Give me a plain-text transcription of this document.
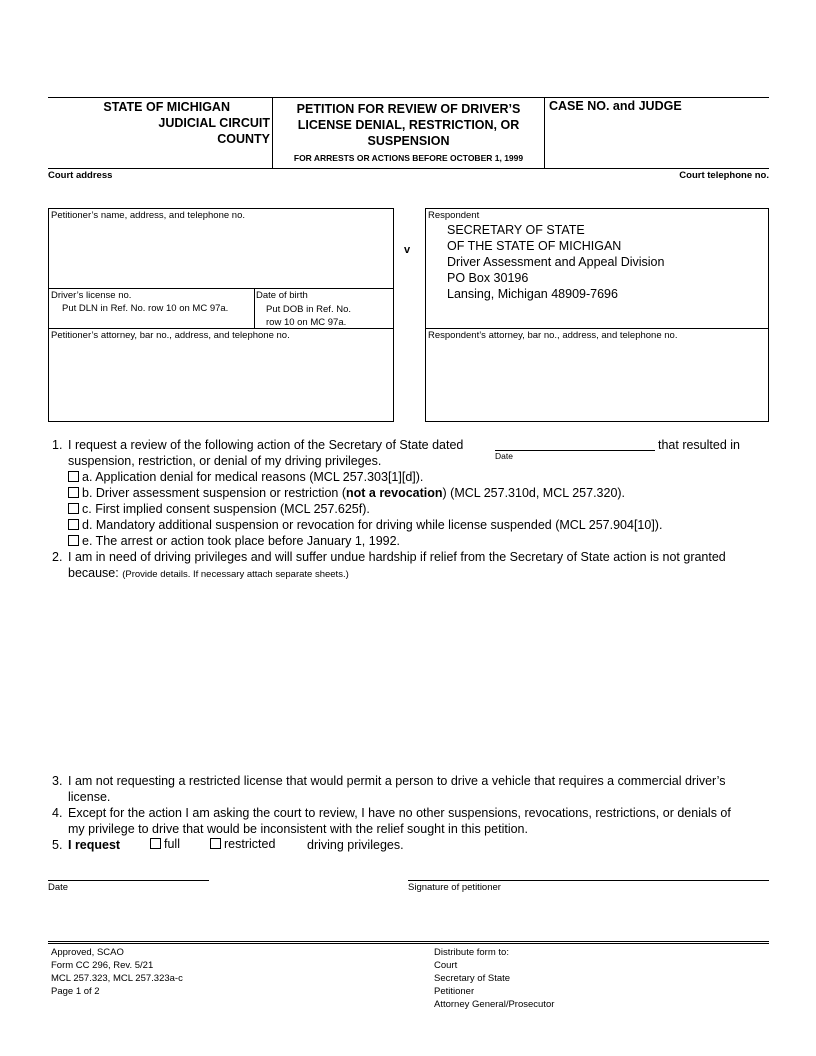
STATE OF MICHIGAN
JUDICIAL CIRCUIT
COUNTY
PETITION FOR REVIEW OF DRIVER’S
LICENSE DENIAL, RESTRICTION, OR
SUSPENSION
FOR ARRESTS OR ACTIONS BEFORE OCTOBER 1, 1999
CASE NO. and JUDGE
Court address	Court telephone no.
Petitioner’s name, address, and telephone no.
Driver’s license no.
Put DLN in Ref. No. row 10 on MC 97a.
Date of birth
Put DOB in Ref. No.
row 10 on MC 97a.
Petitioner’s attorney, bar no., address, and telephone no.
v
Respondent
SECRETARY OF STATE
OF THE STATE OF MICHIGAN
Driver Assessment and Appeal Division
PO Box 30196
Lansing, Michigan 48909-7696
Respondent’s attorney, bar no., address, and telephone no.
1. I request a review of the following action of the Secretary of State dated
Date
that resulted in
suspension, restriction, or denial of my driving privileges.
a. Application denial for medical reasons (MCL 257.303[1][d]).
b. Driver assessment suspension or restriction (not a revocation) (MCL 257.310d, MCL 257.320).
c. First implied consent suspension (MCL 257.625f).
d. Mandatory additional suspension or revocation for driving while license suspended (MCL 257.904[10]).
e. The arrest or action took place before January 1, 1992.
2. I am in need of driving privileges and will suffer undue hardship if relief from the Secretary of State action is not granted
because: (Provide details. If necessary attach separate sheets.)
3. I am not requesting a restricted license that would permit a person to drive a vehicle that requires a commercial driver’s
license.
4. Except for the action I am asking the court to review, I have no other suspensions, revocations, restrictions, or denials of
my privilege to drive that would be inconsistent with the relief sought in this petition.
5. I request	full	restricted	driving privileges.
Date	Signature of petitioner
Approved, SCAO
Form CC 296, Rev. 5/21
MCL 257.323, MCL 257.323a-c
Page 1 of 2
Distribute form to:
Court
Secretary of State
Petitioner
Attorney General/Prosecutor
